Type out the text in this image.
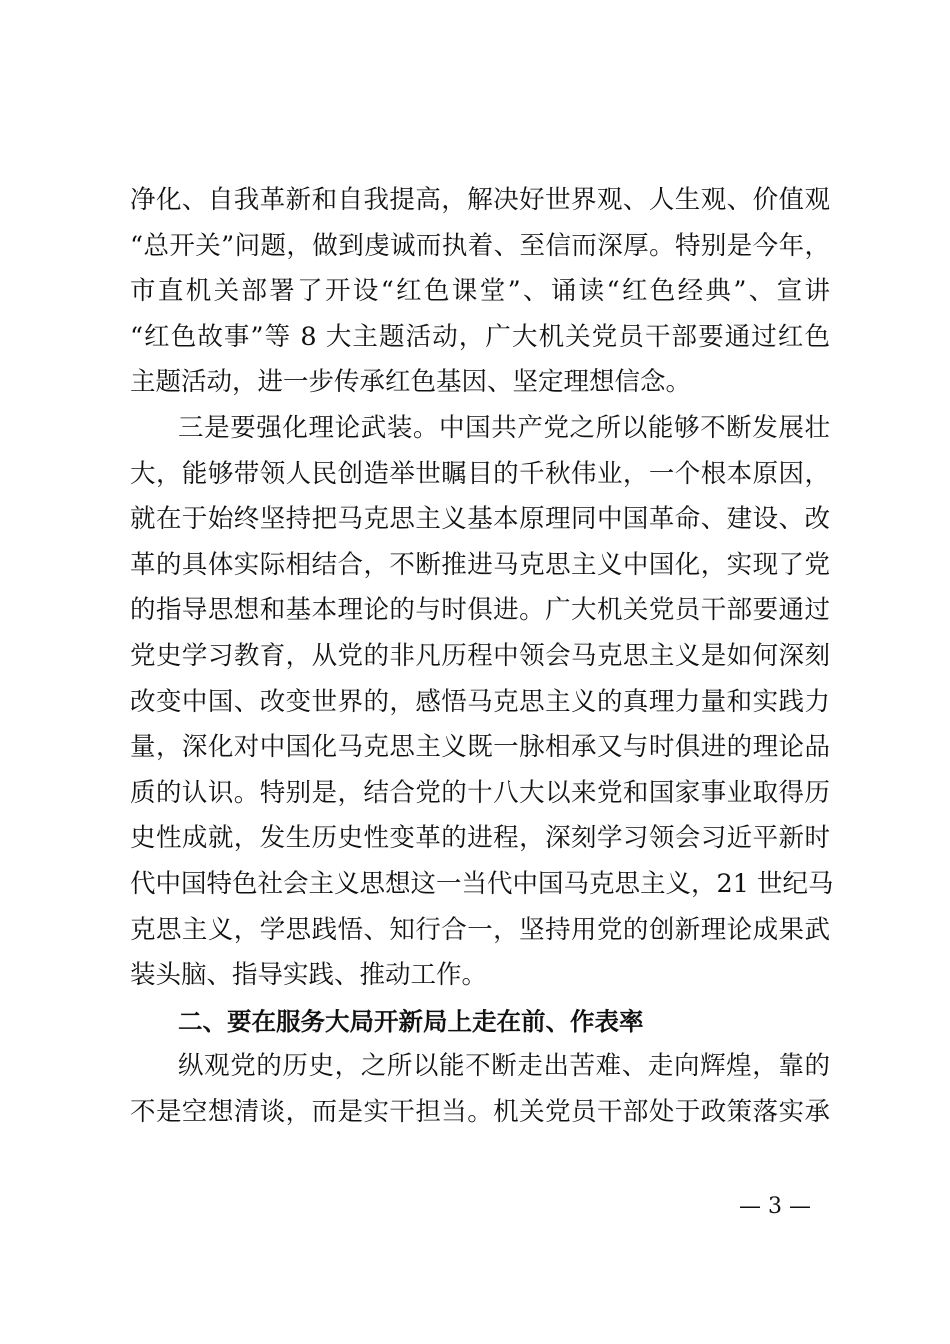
净化、自我革新和自我提高，解决好世界观、人生观、价值观
“总开关”问题，做到虔诚而执着、至信而深厚。特别是今年，
市直机关部署了开设“红色课堂”、诵读“红色经典”、宣讲
“红色故事”等 8 大主题活动，广大机关党员干部要通过红色
主题活动，进一步传承红色基因、坚定理想信念。
三是要强化理论武装。中国共产党之所以能够不断发展壮
大，能够带领人民创造举世瞩目的千秋伟业，一个根本原因，
就在于始终坚持把马克思主义基本原理同中国革命、建设、改
革的具体实际相结合，不断推进马克思主义中国化，实现了党
的指导思想和基本理论的与时俱进。广大机关党员干部要通过
党史学习教育，从党的非凡历程中领会马克思主义是如何深刻
改变中国、改变世界的，感悟马克思主义的真理力量和实践力
量，深化对中国化马克思主义既一脉相承又与时俱进的理论品
质的认识。特别是，结合党的十八大以来党和国家事业取得历
史性成就，发生历史性变革的进程，深刻学习领会习近平新时
代中国特色社会主义思想这一当代中国马克思主义，21 世纪马
克思主义，学思践悟、知行合一，坚持用党的创新理论成果武
装头脑、指导实践、推动工作。
二、要在服务大局开新局上走在前、作表率
纵观党的历史，之所以能不断走出苦难、走向辉煌，靠的
不是空想清谈，而是实干担当。机关党员干部处于政策落实承
— 3 —
